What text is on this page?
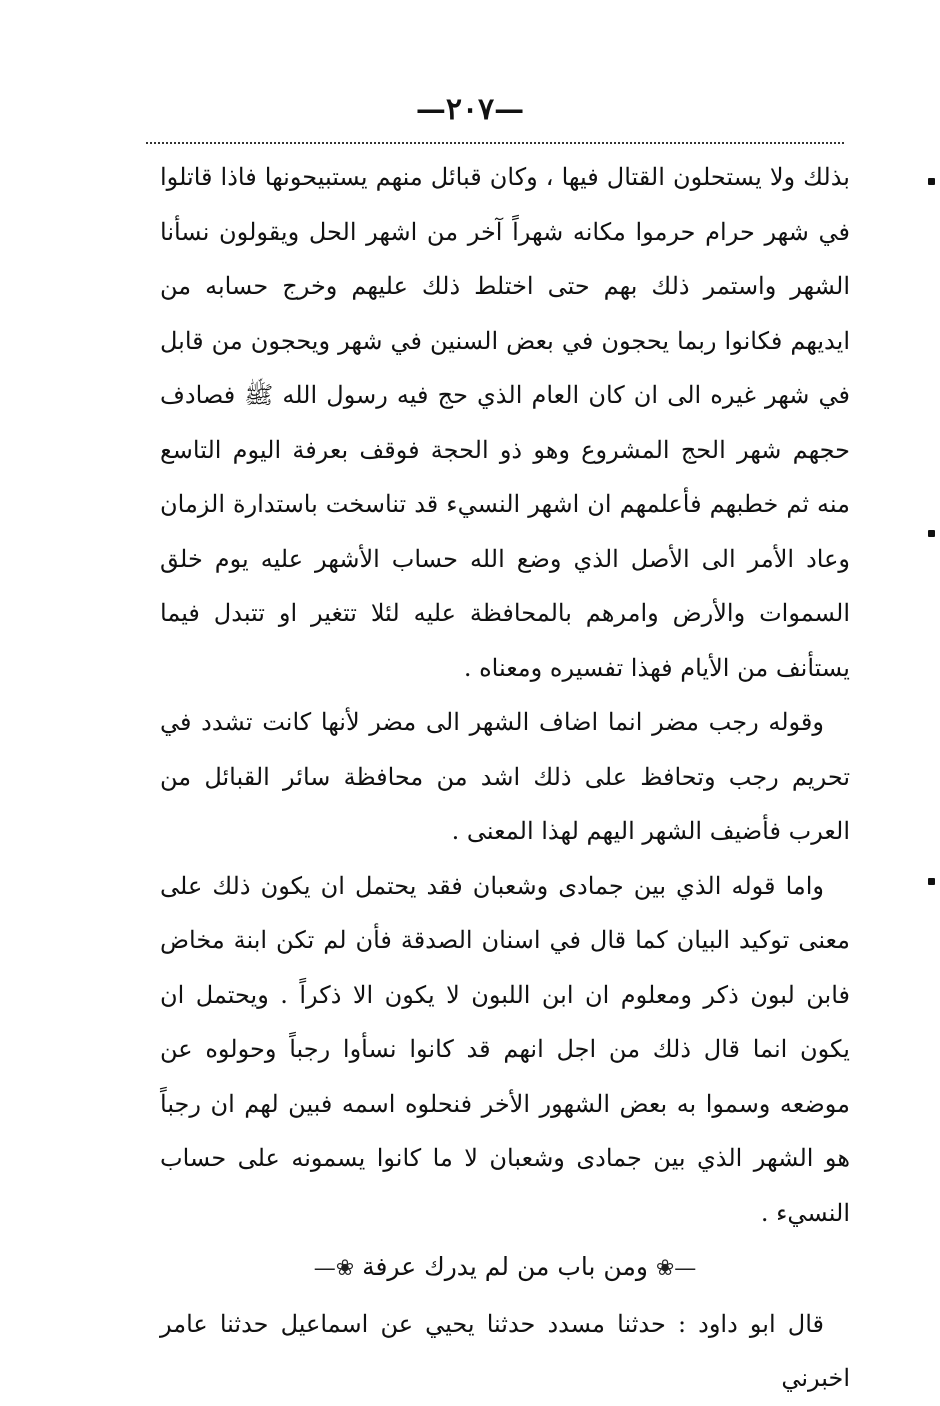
—٢٠٧—

بذلك ولا يستحلون القتال فيها ، وكان قبائل منهم يستبيحونها فاذا قاتلوا في شهر حرام حرموا مكانه شهراً آخر من اشهر الحل ويقولون نسأنا الشهر واستمر ذلك بهم حتى اختلط ذلك عليهم وخرج حسابه من ايديهم فكانوا ربما يحجون في بعض السنين في شهر ويحجون من قابل في شهر غيره الى ان كان العام الذي حج فيه رسول الله ﷺ فصادف حجهم شهر الحج المشروع وهو ذو الحجة فوقف بعرفة اليوم التاسع منه ثم خطبهم فأعلمهم ان اشهر النسيء قد تناسخت باستدارة الزمان وعاد الأمر الى الأصل الذي وضع الله حساب الأشهر عليه يوم خلق السموات والأرض وامرهم بالمحافظة عليه لئلا تتغير او تتبدل فيما يستأنف من الأيام فهذا تفسيره ومعناه .

وقوله رجب مضر انما اضاف الشهر الى مضر لأنها كانت تشدد في تحريم رجب وتحافظ على ذلك اشد من محافظة سائر القبائل من العرب فأضيف الشهر اليهم لهذا المعنى .

واما قوله الذي بين جمادى وشعبان فقد يحتمل ان يكون ذلك على معنى توكيد البيان كما قال في اسنان الصدقة فأن لم تكن ابنة مخاض فابن لبون ذكر ومعلوم ان ابن اللبون لا يكون الا ذكراً . ويحتمل ان يكون انما قال ذلك من اجل انهم قد كانوا نسأوا رجباً وحولوه عن موضعه وسموا به بعض الشهور الأخر فنحلوه اسمه فبين لهم ان رجباً هو الشهر الذي بين جمادى وشعبان لا ما كانوا يسمونه على حساب النسيء .

—❀ ومن باب من لم يدرك عرفة ❀—

قال ابو داود : حدثنا مسدد حدثنا يحيي عن اسماعيل حدثنا عامر اخبرني
